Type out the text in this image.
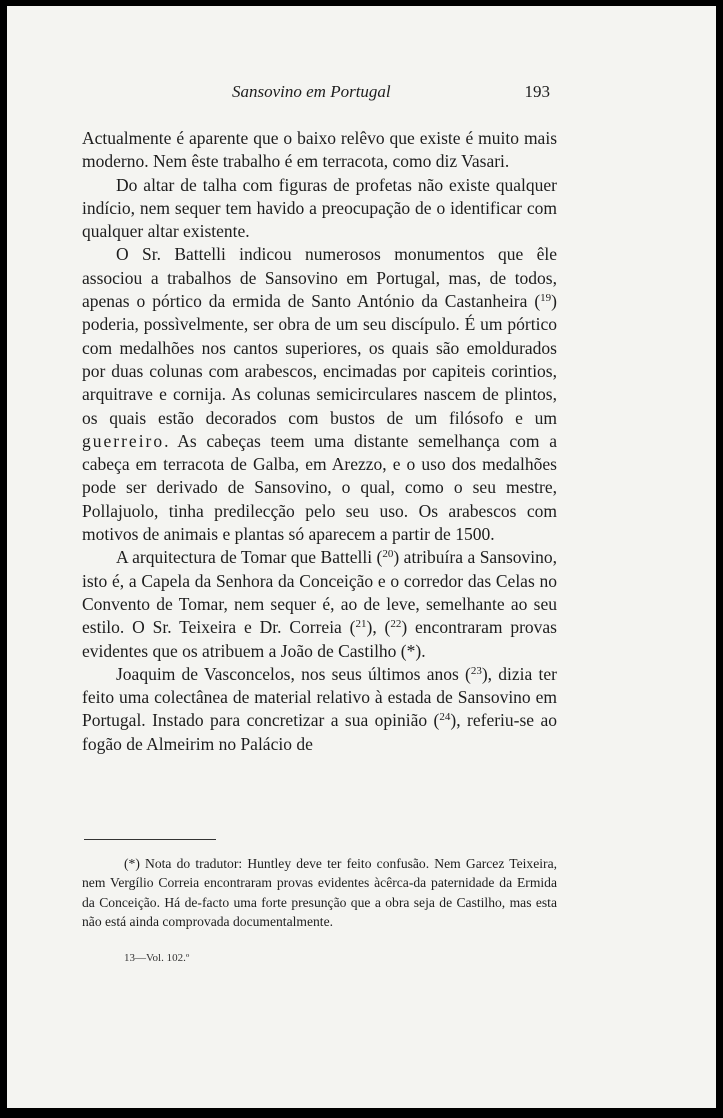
Sansovino em Portugal	193

Actualmente é aparente que o baixo relêvo que existe é muito mais moderno. Nem êste trabalho é em terracota, como diz Vasari.

Do altar de talha com figuras de profetas não existe qualquer indício, nem sequer tem havido a preocupação de o identificar com qualquer altar existente.

O Sr. Battelli indicou numerosos monumentos que êle associou a trabalhos de Sansovino em Portugal, mas, de todos, apenas o pórtico da ermida de Santo António da Castanheira ($^{19}$) poderia, possìvelmente, ser obra de um seu discípulo. É um pórtico com medalhões nos cantos superiores, os quais são emoldurados por duas colunas com arabescos, encimadas por capiteis corintios, arquitrave e cornija. As colunas semicirculares nascem de plintos, os quais estão decorados com bustos de um filósofo e um guerreiro. As cabeças teem uma distante semelhança com a cabeça em terracota de Galba, em Arezzo, e o uso dos medalhões pode ser derivado de Sansovino, o qual, como o seu mestre, Pollajuolo, tinha predilecção pelo seu uso. Os arabescos com motivos de animais e plantas só aparecem a partir de 1500.

A arquitectura de Tomar que Battelli ($^{20}$) atribuíra a Sansovino, isto é, a Capela da Senhora da Conceição e o corredor das Celas no Convento de Tomar, nem sequer é, ao de leve, semelhante ao seu estilo. O Sr. Teixeira e Dr. Correia ($^{21}$), ($^{22}$) encontraram provas evidentes que os atribuem a João de Castilho (*).

Joaquim de Vasconcelos, nos seus últimos anos ($^{23}$), dizia ter feito uma colectânea de material relativo à estada de Sansovino em Portugal. Instado para concretizar a sua opinião ($^{24}$), referiu-se ao fogão de Almeirim no Palácio de

(*) Nota do tradutor: Huntley deve ter feito confusão. Nem Garcez Teixeira, nem Vergílio Correia encontraram provas evidentes àcêrca-da paternidade da Ermida da Conceição. Há de-facto uma forte presunção que a obra seja de Castilho, mas esta não está ainda comprovada documentalmente.
13—Vol. 102.º
